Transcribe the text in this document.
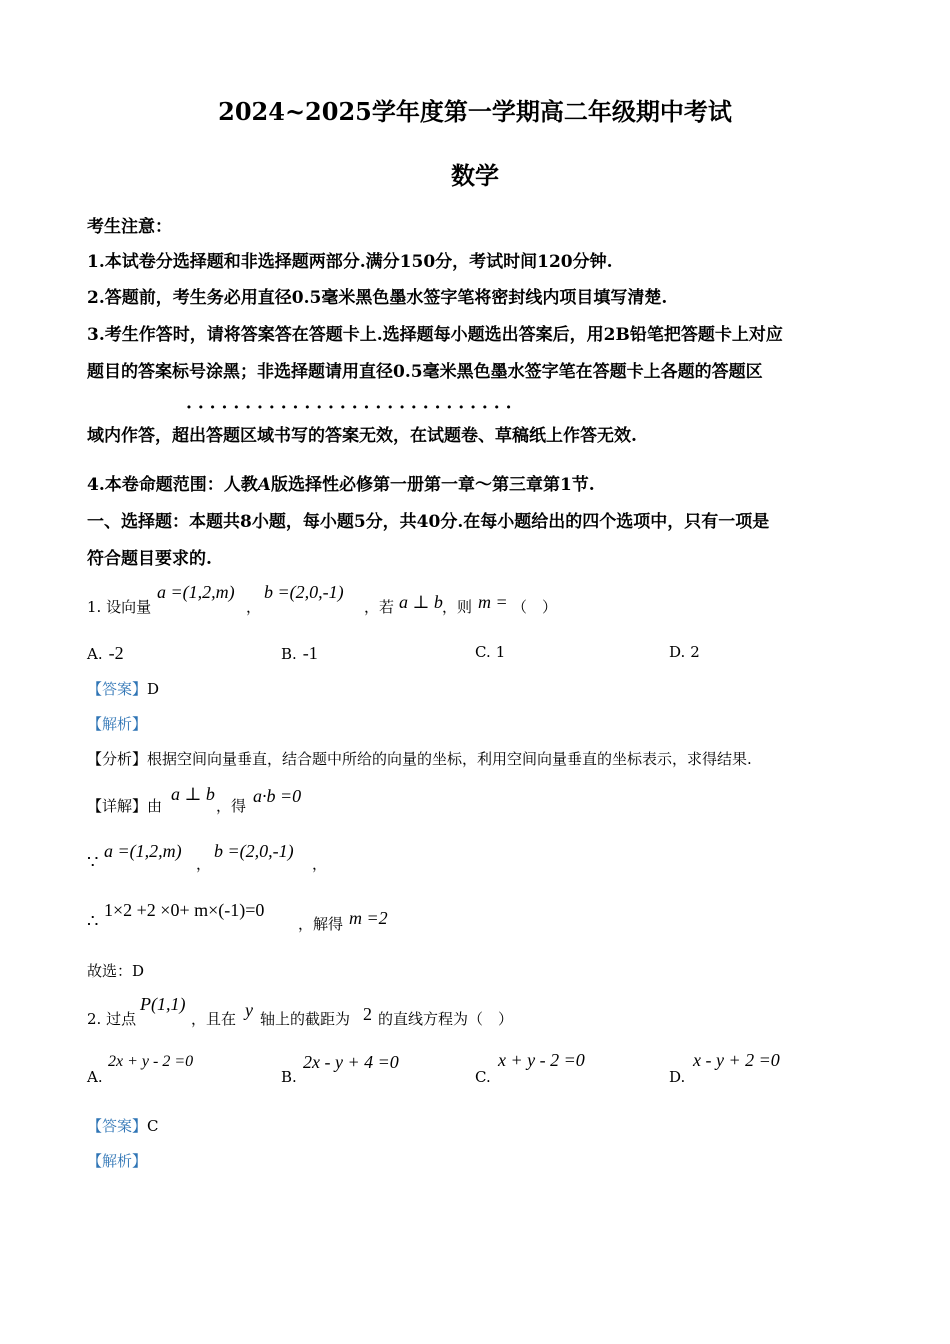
2024~2025学年度第一学期高二年级期中考试
数学
考生注意：
1.本试卷分选择题和非选择题两部分.满分150分，考试时间120分钟.
2.答题前，考生务必用直径0.5毫米黑色墨水签字笔将密封线内项目填写清楚.
3.考生作答时，请将答案答在答题卡上.选择题每小题选出答案后，用2B铅笔把答题卡上对应
题目的答案标号涂黑；非选择题请用直径0.5毫米黑色墨水签字笔在答题卡上各题的答题区
· · · · · · · · · · · · · · · · · · · · · · · · · · · ·
域内作答，超出答题区域书写的答案无效，在试题卷、草稿纸上作答无效.
4.本卷命题范围：人教A版选择性必修第一册第一章～第三章第1节.
一、选择题：本题共8小题，每小题5分，共40分.在每小题给出的四个选项中，只有一项是
符合题目要求的.
1. 设向量
a =(1,2,m)
，
b =(2,0,-1)
，若 a ⊥ b ，则 m = （　）
A. -2	B. -1	C. 1	D. 2
【答案】D
【解析】
【分析】根据空间向量垂直，结合题中所给的向量的坐标，利用空间向量垂直的坐标表示，求得结果.
【详解】由
a ⊥ b
，得 a·b =0
∵
a =(1,2,m)
，
b =(2,0,-1)
，
∴
1×2 +2 ×0+ m×(-1)=0
，解得 m =2
故选：D
2. 过点
P(1,1)
，且在 y 轴上的截距为 2 的直线方程为（　）
A.
2x + y - 2 =0
B.
2x - y + 4 =0
C.
x + y - 2 =0
D.
x - y + 2 =0
【答案】C
【解析】
